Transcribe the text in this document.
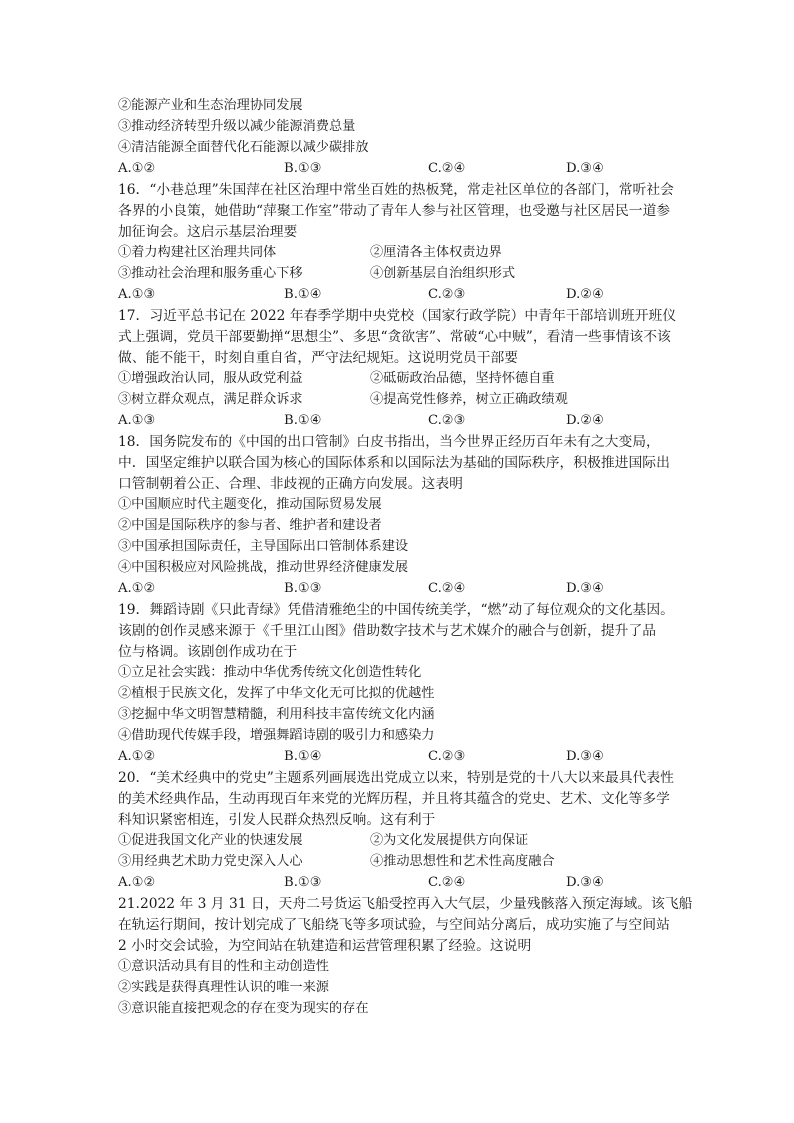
②能源产业和生态治理协同发展
③推动经济转型升级以减少能源消费总量
④清洁能源全面替代化石能源以减少碳排放
A.①②	B.①③	C.②④	D.③④
16．“小巷总理”朱国萍在社区治理中常坐百姓的热板凳，常走社区单位的各部门，常听社会
各界的小良策，她借助“萍聚工作室”带动了青年人参与社区管理，也受邀与社区居民一道参
加征询会。这启示基层治理要
①着力构建社区治理共同体	②厘清各主体权责边界
③推动社会治理和服务重心下移	④创新基层自治组织形式
A.①③	B.①④	C.②③	D.②④
17．习近平总书记在 2022 年春季学期中央党校（国家行政学院）中青年干部培训班开班仪
式上强调，党员干部要勤掸“思想尘”、多思“贪欲害”、常破“心中贼”，看清一些事情该不该
做、能不能干，时刻自重自省，严守法纪规矩。这说明党员干部要
①增强政治认同，服从政党利益	②砥砺政治品德，坚持怀德自重
③树立群众观点，满足群众诉求	④提高党性修养，树立正确政绩观
A.①③	B.①④	C.②③	D.②④
18．国务院发布的《中国的出口管制》白皮书指出，当今世界正经历百年未有之大变局，
中．国坚定维护以联合国为核心的国际体系和以国际法为基础的国际秩序，积极推进国际出
口管制朝着公正、合理、非歧视的正确方向发展。这表明
①中国顺应时代主题变化，推动国际贸易发展
②中国是国际秩序的参与者、维护者和建设者
③中国承担国际责任，主导国际出口管制体系建设
④中国积极应对风险挑战，推动世界经济健康发展
A.①②	B.①③	C.②④	D.③④
19．舞蹈诗剧《只此青绿》凭借清雅绝尘的中国传统美学，“燃”动了每位观众的文化基因。
该剧的创作灵感来源于《千里江山图》借助数字技术与艺术媒介的融合与创新，提升了品
位与格调。该剧创作成功在于
①立足社会实践：推动中华优秀传统文化创造性转化
②植根于民族文化，发挥了中华文化无可比拟的优越性
③挖掘中华文明智慧精髓，利用科技丰富传统文化内涵
④借助现代传媒手段，增强舞蹈诗剧的吸引力和感染力
A.①②	B.①④	C.②③	D.③④
20．“美术经典中的党史”主题系列画展选出党成立以来，特别是党的十八大以来最具代表性
的美术经典作品，生动再现百年来党的光辉历程，并且将其蕴含的党史、艺术、文化等多学
科知识紧密相连，引发人民群众热烈反响。这有利于
①促进我国文化产业的快速发展	②为文化发展提供方向保证
③用经典艺术助力党史深入人心	④推动思想性和艺术性高度融合
A.①②	B.①③	C.②④	D.③④
21.2022 年 3 月 31 日，天舟二号货运飞船受控再入大气层，少量残骸落入预定海域。该飞船
在轨运行期间，按计划完成了飞船绕飞等多项试验，与空间站分离后，成功实施了与空间站
2 小时交会试验，为空间站在轨建造和运营管理积累了经验。这说明
①意识活动具有目的性和主动创造性
②实践是获得真理性认识的唯一来源
③意识能直接把观念的存在变为现实的存在
